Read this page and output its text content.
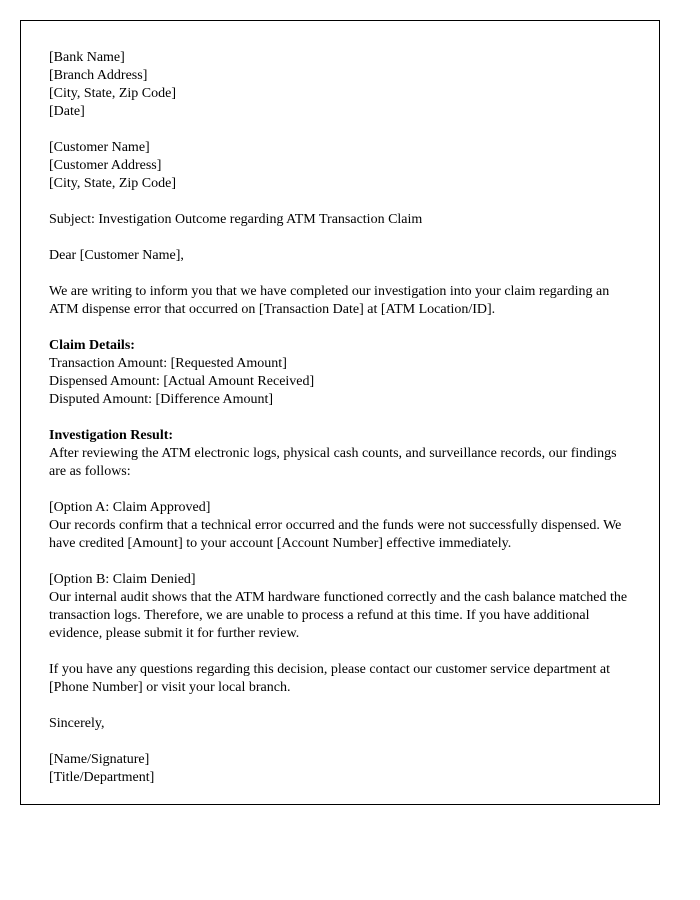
[Bank Name]

[Branch Address]

[City, State, Zip Code]

[Date]

[Customer Name]

[Customer Address]

[City, State, Zip Code]

Subject: Investigation Outcome regarding ATM Transaction Claim

Dear [Customer Name],

We are writing to inform you that we have completed our investigation into your claim regarding an ATM dispense error that occurred on [Transaction Date] at [ATM Location/ID].

Claim Details:

Transaction Amount: [Requested Amount]

Dispensed Amount: [Actual Amount Received]

Disputed Amount: [Difference Amount]

Investigation Result:

After reviewing the ATM electronic logs, physical cash counts, and surveillance records, our findings are as follows:

[Option A: Claim Approved]

Our records confirm that a technical error occurred and the funds were not successfully dispensed. We have credited [Amount] to your account [Account Number] effective immediately.

[Option B: Claim Denied]

Our internal audit shows that the ATM hardware functioned correctly and the cash balance matched the transaction logs. Therefore, we are unable to process a refund at this time. If you have additional evidence, please submit it for further review.

If you have any questions regarding this decision, please contact our customer service department at [Phone Number] or visit your local branch.

Sincerely,

[Name/Signature]

[Title/Department]
